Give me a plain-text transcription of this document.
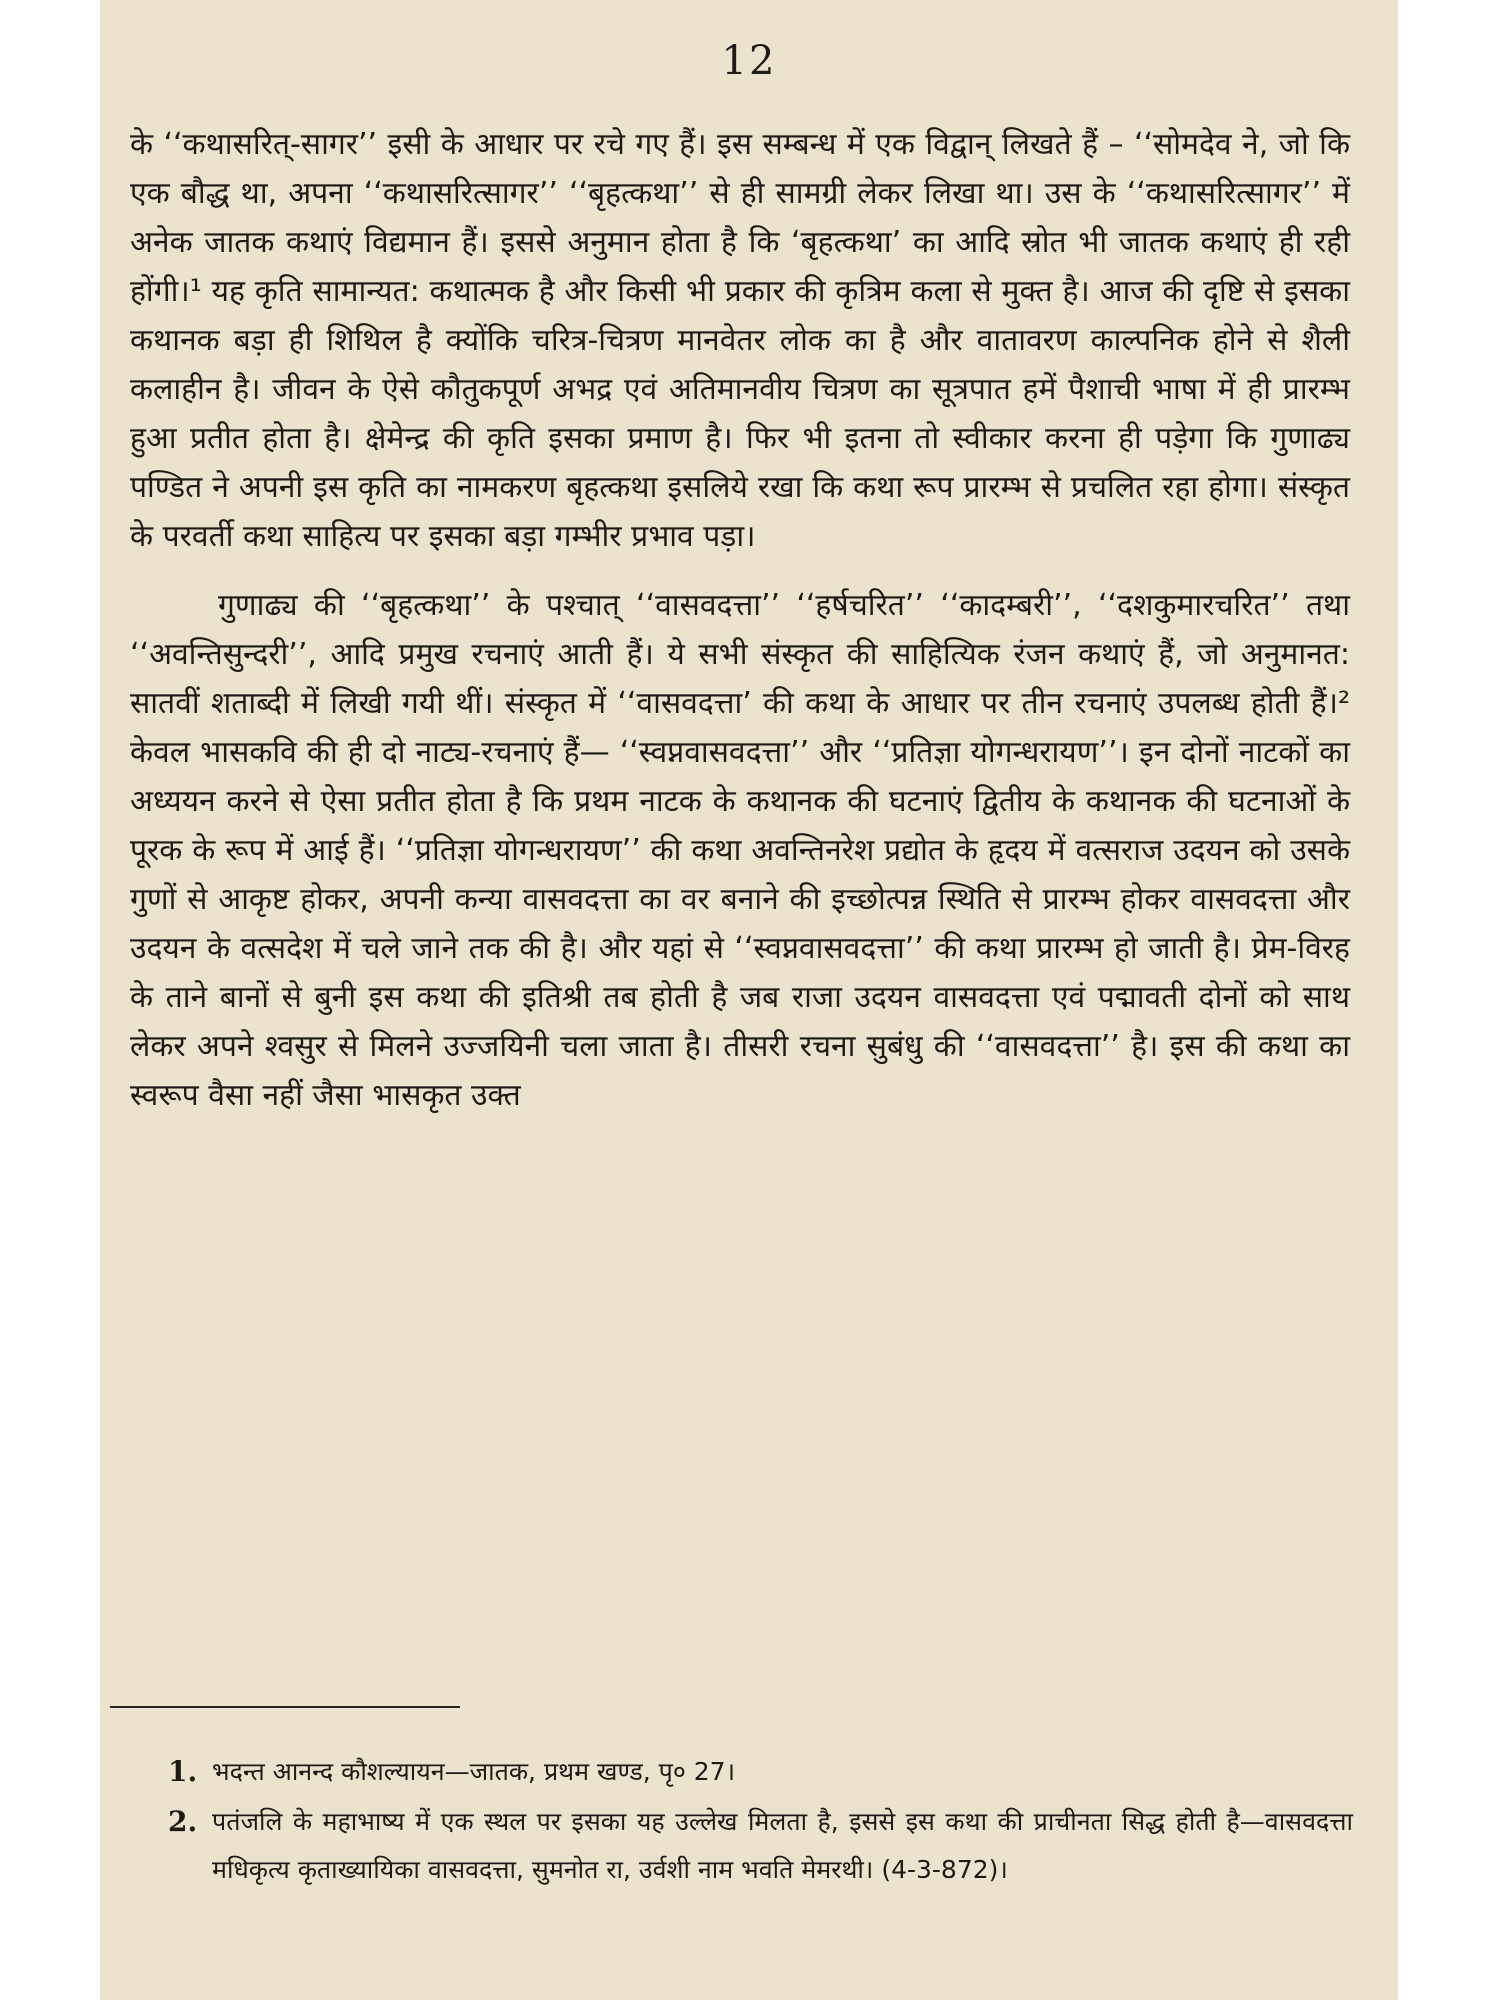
12

के ‘‘कथासरित्-सागर’’ इसी के आधार पर रचे गए हैं। इस सम्बन्ध में एक विद्वान् लिखते हैं – ‘‘सोमदेव ने, जो कि एक बौद्ध था, अपना ‘‘कथासरित्सागर’’ ‘‘बृहत्कथा’’ से ही सामग्री लेकर लिखा था। उस के ‘‘कथासरित्सागर’’ में अनेक जातक कथाएं विद्यमान हैं। इससे अनुमान होता है कि ‘बृहत्कथा’ का आदि स्रोत भी जातक कथाएं ही रही होंगी।¹ यह कृति सामान्यत: कथात्मक है और किसी भी प्रकार की कृत्रिम कला से मुक्त है। आज की दृष्टि से इसका कथानक बड़ा ही शिथिल है क्योंकि चरित्र-चित्रण मानवेतर लोक का है और वातावरण काल्पनिक होने से शैली कलाहीन है। जीवन के ऐसे कौतुकपूर्ण अभद्र एवं अतिमानवीय चित्रण का सूत्रपात हमें पैशाची भाषा में ही प्रारम्भ हुआ प्रतीत होता है। क्षेमेन्द्र की कृति इसका प्रमाण है। फिर भी इतना तो स्वीकार करना ही पड़ेगा कि गुणाढ्य पण्डित ने अपनी इस कृति का नामकरण बृहत्कथा इसलिये रखा कि कथा रूप प्रारम्भ से प्रचलित रहा होगा। संस्कृत के परवर्ती कथा साहित्य पर इसका बड़ा गम्भीर प्रभाव पड़ा।

गुणाढ्य की ‘‘बृहत्कथा’’ के पश्चात् ‘‘वासवदत्ता’’ ‘‘हर्षचरित’’ ‘‘कादम्बरी’’, ‘‘दशकुमारचरित’’ तथा ‘‘अवन्तिसुन्दरी’’, आदि प्रमुख रचनाएं आती हैं। ये सभी संस्कृत की साहित्यिक रंजन कथाएं हैं, जो अनुमानत: सातवीं शताब्दी में लिखी गयी थीं। संस्कृत में ‘‘वासवदत्ता’ की कथा के आधार पर तीन रचनाएं उपलब्ध होती हैं।² केवल भासकवि की ही दो नाट्य-रचनाएं हैं— ‘‘स्वप्नवासवदत्ता’’ और ‘‘प्रतिज्ञा योगन्धरायण’’। इन दोनों नाटकों का अध्ययन करने से ऐसा प्रतीत होता है कि प्रथम नाटक के कथानक की घटनाएं द्वितीय के कथानक की घटनाओं के पूरक के रूप में आई हैं। ‘‘प्रतिज्ञा योगन्धरायण’’ की कथा अवन्तिनरेश प्रद्योत के हृदय में वत्सराज उदयन को उसके गुणों से आकृष्ट होकर, अपनी कन्या वासवदत्ता का वर बनाने की इच्छोत्पन्न स्थिति से प्रारम्भ होकर वासवदत्ता और उदयन के वत्सदेश में चले जाने तक की है। और यहां से ‘‘स्वप्नवासवदत्ता’’ की कथा प्रारम्भ हो जाती है। प्रेम-विरह के ताने बानों से बुनी इस कथा की इतिश्री तब होती है जब राजा उदयन वासवदत्ता एवं पद्मावती दोनों को साथ लेकर अपने श्वसुर से मिलने उज्जयिनी चला जाता है। तीसरी रचना सुबंधु की ‘‘वासवदत्ता’’ है। इस की कथा का स्वरूप वैसा नहीं जैसा भासकृत उक्त

1. भदन्त आनन्द कौशल्यायन—जातक, प्रथम खण्ड, पृ० 27।
2. पतंजलि के महाभाष्य में एक स्थल पर इसका यह उल्लेख मिलता है, इससे इस कथा की प्राचीनता सिद्ध होती है—वासवदत्ता मधिकृत्य कृताख्यायिका वासवदत्ता, सुमनोत रा, उर्वशी नाम भवति मेमरथी। (4-3-872)।
